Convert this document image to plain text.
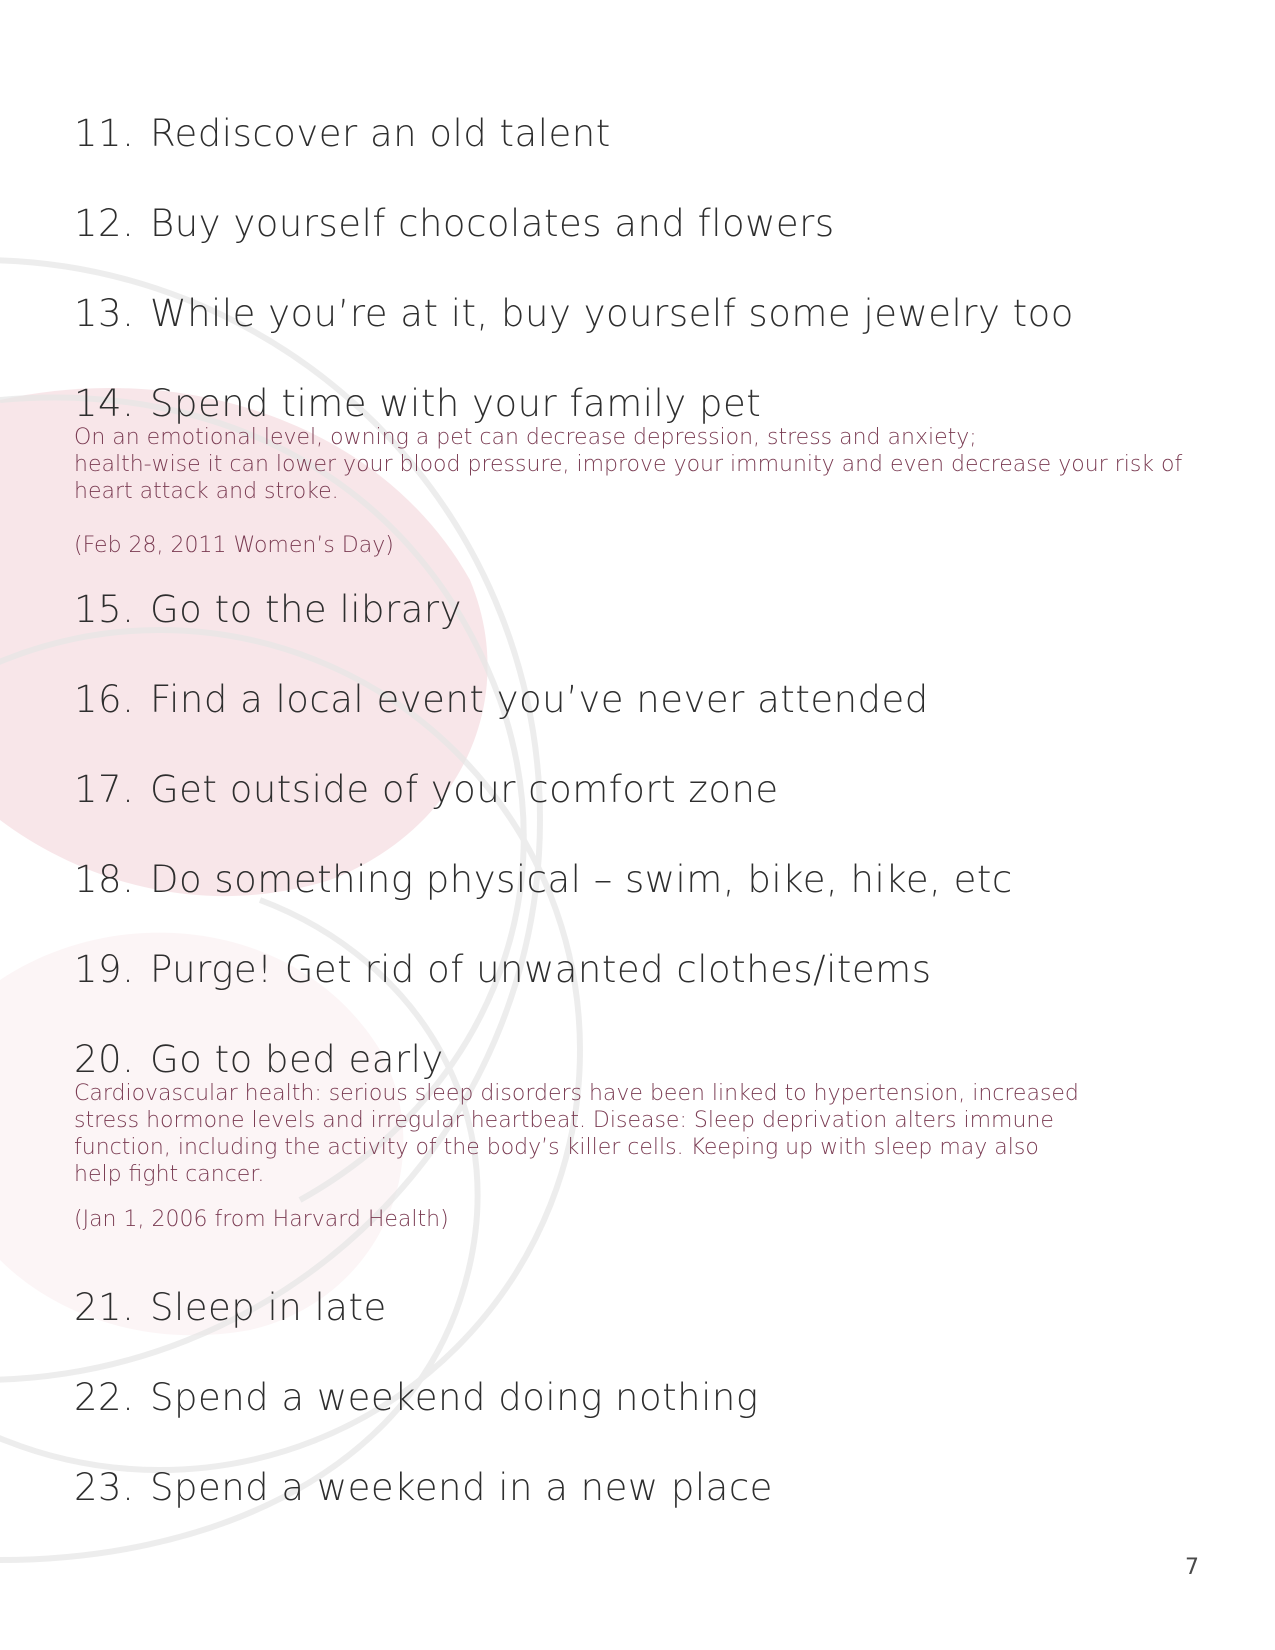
11. Rediscover an old talent
12. Buy yourself chocolates and flowers
13. While you’re at it, buy yourself some jewelry too
14. Spend time with your family pet

On an emotional level, owning a pet can decrease depression, stress and anxiety;

health-wise it can lower your blood pressure, improve your immunity and even decrease your risk of

heart attack and stroke.

(Feb 28, 2011 Women’s Day)

15. Go to the library
16. Find a local event you’ve never attended
17. Get outside of your comfort zone
18. Do something physical – swim, bike, hike, etc
19. Purge! Get rid of unwanted clothes/items
20. Go to bed early

Cardiovascular health: serious sleep disorders have been linked to hypertension, increased

stress hormone levels and irregular heartbeat. Disease: Sleep deprivation alters immune

function, including the activity of the body’s killer cells. Keeping up with sleep may also

help fight cancer.

(Jan 1, 2006 from Harvard Health)

21. Sleep in late
22. Spend a weekend doing nothing
23. Spend a weekend in a new place
7
